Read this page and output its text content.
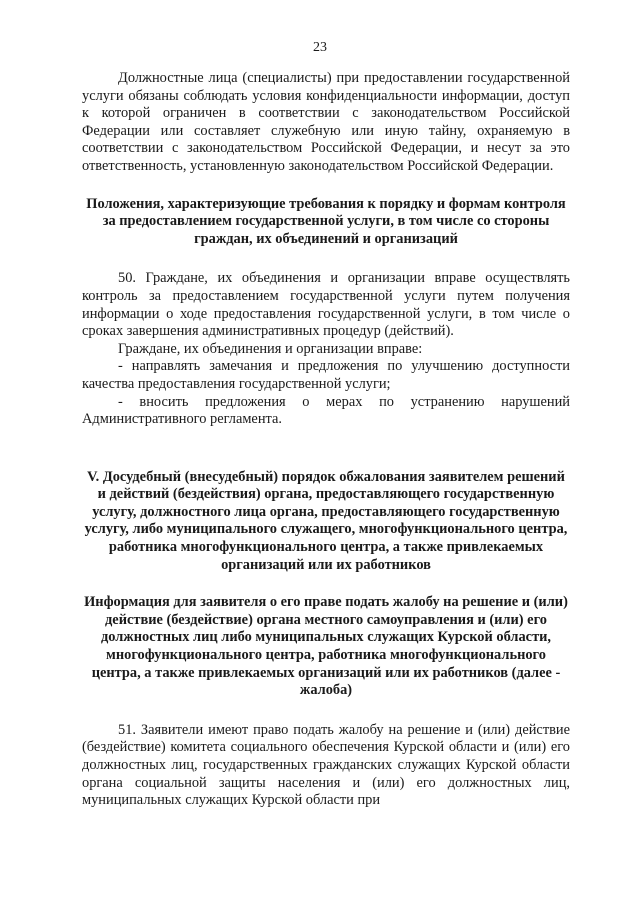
23

Должностные лица (специалисты) при предоставлении государственной услуги обязаны соблюдать условия конфиденциальности информации, доступ к которой ограничен в соответствии с законодательством Российской Федерации или составляет служебную или иную тайну, охраняемую в соответствии с законодательством Российской Федерации, и несут за это ответственность, установленную законодательством Российской Федерации.

Положения, характеризующие требования к порядку и формам контроля за предоставлением государственной услуги, в том числе со стороны граждан, их объединений и организаций

50. Граждане, их объединения и организации вправе осуществлять контроль за предоставлением государственной услуги путем получения информации о ходе предоставления государственной услуги, в том числе о сроках завершения административных процедур (действий).

Граждане, их объединения и организации вправе:

- направлять замечания и предложения по улучшению доступности качества предоставления государственной услуги;

- вносить предложения о мерах по устранению нарушений Административного регламента.

V. Досудебный (внесудебный) порядок обжалования заявителем решений и действий (бездействия) органа, предоставляющего государственную услугу, должностного лица органа, предоставляющего государственную услугу, либо муниципального служащего, многофункционального центра, работника многофункционального центра, а также привлекаемых организаций или их работников

Информация для заявителя о его праве подать жалобу на решение и (или) действие (бездействие) органа местного самоуправления и (или) его должностных лиц либо муниципальных служащих Курской области, многофункционального центра, работника многофункционального центра, а также привлекаемых организаций или их работников (далее - жалоба)

51. Заявители имеют право подать жалобу на решение и (или) действие (бездействие) комитета социального обеспечения Курской области и (или) его должностных лиц, государственных гражданских служащих Курской области органа социальной защиты населения и (или) его должностных лиц, муниципальных служащих Курской области при
